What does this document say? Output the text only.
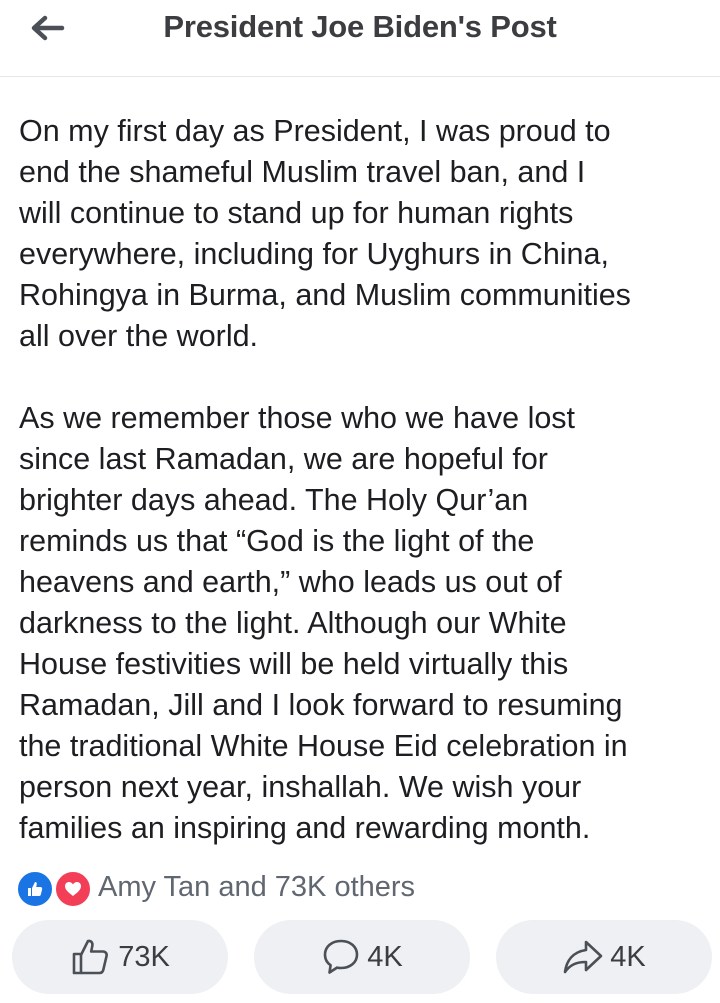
President Joe Biden's Post

On my first day as President, I was proud to
end the shameful Muslim travel ban, and I
will continue to stand up for human rights
everywhere, including for Uyghurs in China,
Rohingya in Burma, and Muslim communities
all over the world.

As we remember those who we have lost
since last Ramadan, we are hopeful for
brighter days ahead. The Holy Qur’an
reminds us that “God is the light of the
heavens and earth,” who leads us out of
darkness to the light. Although our White
House festivities will be held virtually this
Ramadan, Jill and I look forward to resuming
the traditional White House Eid celebration in
person next year, inshallah. We wish your
families an inspiring and rewarding month.

Amy Tan and 73K others
73K	4K	4K
